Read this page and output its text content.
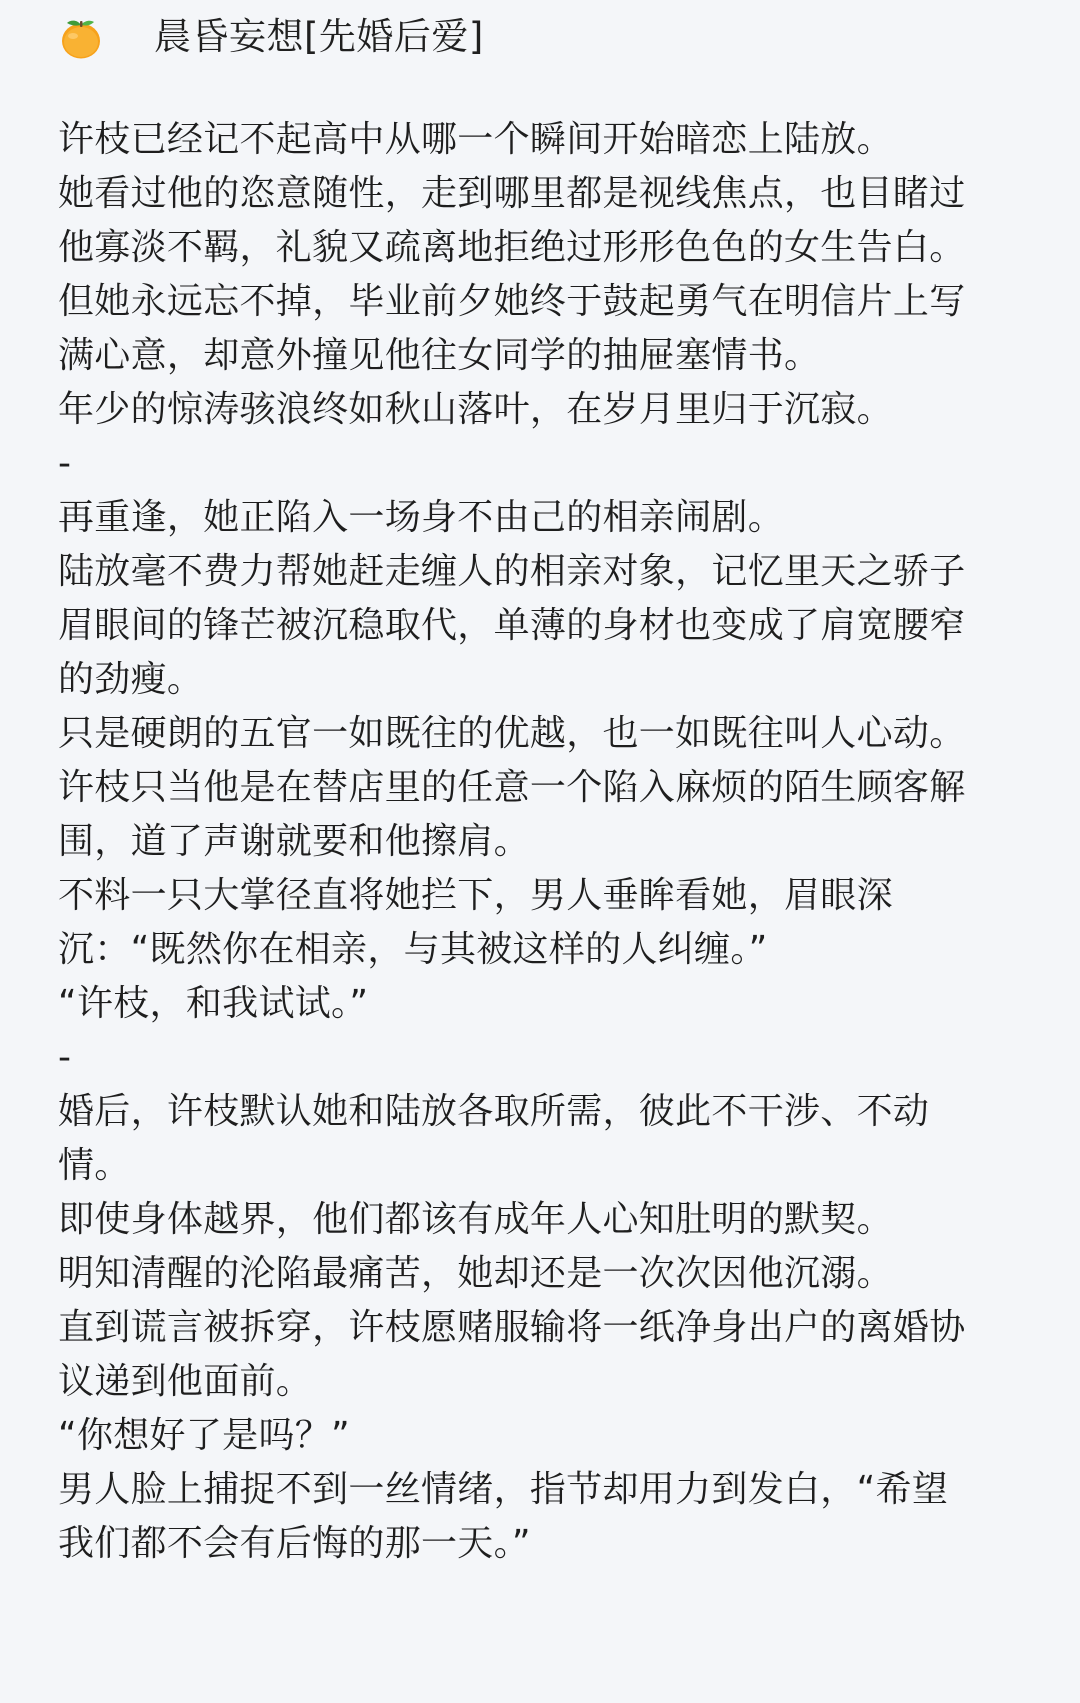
晨昏妄想[先婚后爱]
许枝已经记不起高中从哪一个瞬间开始暗恋上陆放。
她看过他的恣意随性，走到哪里都是视线焦点，也目睹过
他寡淡不羁，礼貌又疏离地拒绝过形形色色的女生告白。
但她永远忘不掉，毕业前夕她终于鼓起勇气在明信片上写
满心意，却意外撞见他往女同学的抽屉塞情书。
年少的惊涛骇浪终如秋山落叶，在岁月里归于沉寂。
-
再重逢，她正陷入一场身不由己的相亲闹剧。
陆放毫不费力帮她赶走缠人的相亲对象，记忆里天之骄子
眉眼间的锋芒被沉稳取代，单薄的身材也变成了肩宽腰窄
的劲瘦。
只是硬朗的五官一如既往的优越，也一如既往叫人心动。
许枝只当他是在替店里的任意一个陷入麻烦的陌生顾客解
围，道了声谢就要和他擦肩。
不料一只大掌径直将她拦下，男人垂眸看她，眉眼深
沉：“既然你在相亲，与其被这样的人纠缠。”
“许枝，和我试试。”
-
婚后，许枝默认她和陆放各取所需，彼此不干涉、不动
情。
即使身体越界，他们都该有成年人心知肚明的默契。
明知清醒的沦陷最痛苦，她却还是一次次因他沉溺。
直到谎言被拆穿，许枝愿赌服输将一纸净身出户的离婚协
议递到他面前。
“你想好了是吗？”
男人脸上捕捉不到一丝情绪，指节却用力到发白，“希望
我们都不会有后悔的那一天。”
